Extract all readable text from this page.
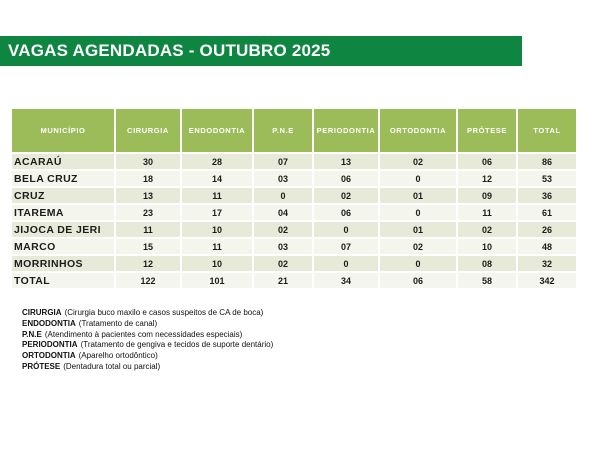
VAGAS AGENDADAS - OUTUBRO 2025
MUNICÍPIO	CIRURGIA	ENDODONTIA	P.N.E	PERIODONTIA	ORTODONTIA	PRÓTESE	TOTAL
ACARAÚ	30	28	07	13	02	06	86
BELA CRUZ	18	14	03	06	0	12	53
CRUZ	13	11	0	02	01	09	36
ITAREMA	23	17	04	06	0	11	61
JIJOCA DE JERI	11	10	02	0	01	02	26
MARCO	15	11	03	07	02	10	48
MORRINHOS	12	10	02	0	0	08	32
TOTAL	122	101	21	34	06	58	342
CIRURGIA (Cirurgia buco maxilo e casos suspeitos de CA de boca)
ENDODONTIA (Tratamento de canal)
P.N.E (Atendimento à pacientes com necessidades especiais)
PERIODONTIA (Tratamento de gengiva e tecidos de suporte dentário)
ORTODONTIA (Aparelho ortodôntico)
PRÓTESE (Dentadura total ou parcial)
